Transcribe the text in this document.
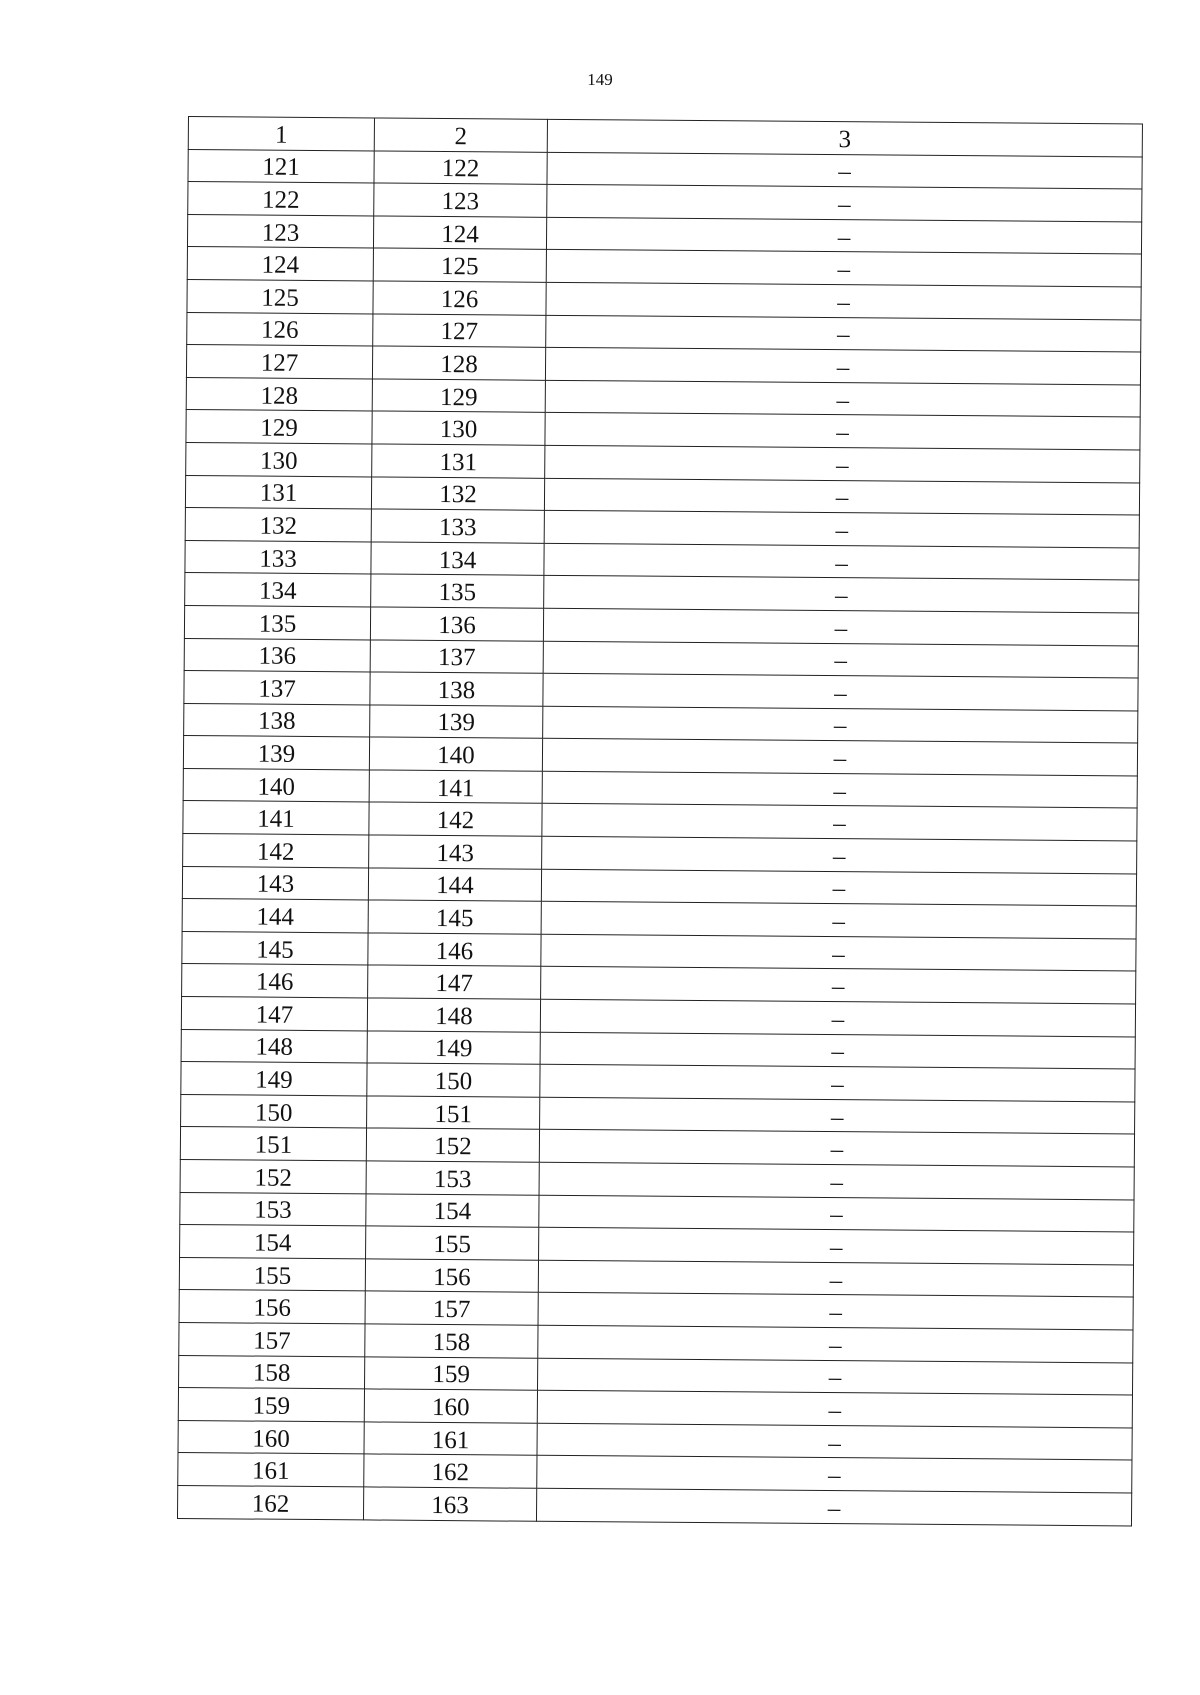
149
1	2	3
121	122	–
122	123	–
123	124	–
124	125	–
125	126	–
126	127	–
127	128	–
128	129	–
129	130	–
130	131	–
131	132	–
132	133	–
133	134	–
134	135	–
135	136	–
136	137	–
137	138	–
138	139	–
139	140	–
140	141	–
141	142	–
142	143	–
143	144	–
144	145	–
145	146	–
146	147	–
147	148	–
148	149	–
149	150	–
150	151	–
151	152	–
152	153	–
153	154	–
154	155	–
155	156	–
156	157	–
157	158	–
158	159	–
159	160	–
160	161	–
161	162	–
162	163	–
